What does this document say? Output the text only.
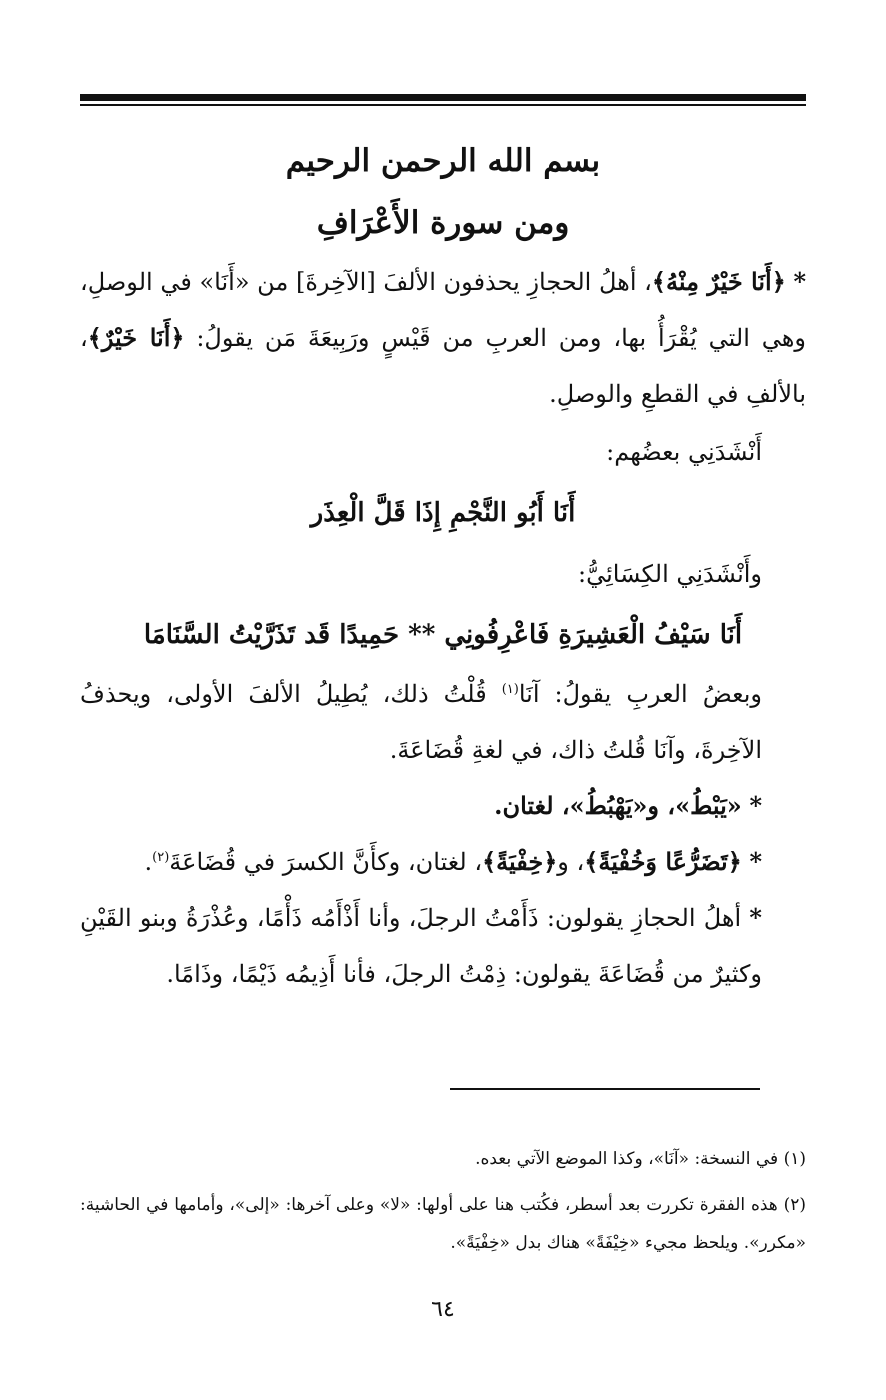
بسم الله الرحمن الرحيم

ومن سورة الأَعْرَافِ

* ﴿أَنَا خَيْرٌ مِنْهُ﴾، أهلُ الحجازِ يحذفون الألفَ [الآخِرةَ] من «أَنَا» في الوصلِ، وهي التي يُقْرَأُ بها، ومن العربِ من قَيْسٍ ورَبِيعَةَ مَن يقولُ: ﴿أَنَا خَيْرٌ﴾، بالألفِ في القطعِ والوصلِ.

أَنْشَدَنِي بعضُهم:

أَنَا أَبُو النَّجْمِ إِذَا قَلَّ الْعِذَر

وأَنْشَدَنِي الكِسَائِيُّ:

أَنَا سَيْفُ الْعَشِيرَةِ فَاعْرِفُونِي ** حَمِيدًا قَد تَذَرَّيْتُ السَّنَامَا

وبعضُ العربِ يقولُ: آنَا$^{(١)}$ قُلْتُ ذلك، يُطِيلُ الألفَ الأولى، ويحذفُ الآخِرةَ، وآنَا قُلتُ ذاك، في لغةِ قُضَاعَةَ.

* «يَبْطُ»، و«يَهْبُطُ»، لغتان.

* ﴿تَضَرُّعًا وَخُفْيَةً﴾، و﴿خِفْيَةً﴾، لغتان، وكأَنَّ الكسرَ في قُضَاعَةَ$^{(٢)}$.

* أهلُ الحجازِ يقولون: ذَأَمْتُ الرجلَ، وأنا أَذْأَمُه ذَأْمًا، وعُذْرَةُ وبنو القَيْنِ وكثيرٌ من قُضَاعَةَ يقولون: ذِمْتُ الرجلَ، فأنا أَذِيمُه ذَيْمًا، وذَامًا.

(١) في النسخة: «آنَا»، وكذا الموضع الآتي بعده.

(٢) هذه الفقرة تكررت بعد أسطر، فكُتب هنا على أولها: «لا» وعلى آخرها: «إلى»، وأمامها في الحاشية: «مكرر». ويلحظ مجيء «خِيْفَةً» هناك بدل «خِفْيَةً».

٦٤
